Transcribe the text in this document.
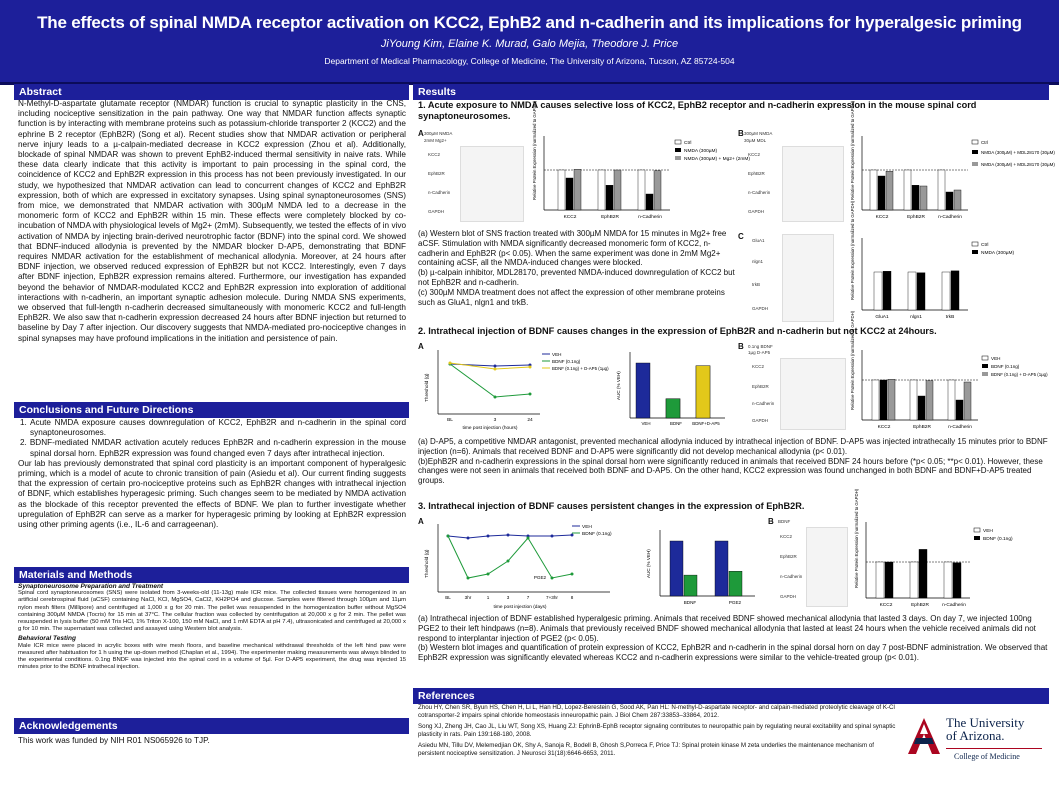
The effects of spinal NMDA receptor activation on KCC2, EphB2 and n-cadherin and its implications for hyperalgesic priming
JiYoung Kim, Elaine K. Murad, Galo Mejia, Theodore J. Price
Department of Medical Pharmacology, College of Medicine, The University of Arizona, Tucson, AZ 85724-504
Abstract
N-Methyl-D-aspartate glutamate receptor (NMDAR) function is crucial to synaptic plasticity in the CNS, including nociceptive sensitization in the pain pathway. One way that NMDAR function affects synaptic function is by interacting with membrane proteins such as potassium-chloride transporter 2 (KCC2) and the ephrine B 2 receptor (EphB2R) (Song et al). Recent studies show that NMDAR activation or peripheral nerve injury leads to a µ-calpain-mediated decrease in KCC2 expression (Zhou et al). Additionally, blockade of spinal NMDAR was shown to prevent EphB2-induced thermal sensitivity in naive rats. While these data clearly indicate that this activity is important to pain processing in the spinal cord, the coincidence of KCC2 and EphB2R expression in this process has not been previously investigated. In our study, we hypothesized that NMDAR activation can lead to concurrent changes of KCC2 and EphB2R expression, both of which are expressed in excitatory synapses. Using spinal synaptoneurosomes (SNS) from mice, we demonstrated that NMDAR activation with 300µM NMDA led to a decrease in the monomeric form of KCC2 and EphB2R within 15 min. These effects were completely blocked by co-incubation of NMDA with physiological levels of Mg2+ (2mM). Subsequently, we tested the effects of in vivo activation of NMDA by injecting brain-derived neurotrophic factor (BDNF) into the spinal cord. We showed that BDNF-induced allodynia is prevented by the NMDAR blocker D-AP5, demonstrating that BDNF requires NMDAR activation for the establishment of mechanical allodynia. Moreover, at 24 hours after BDNF injection, we observed reduced expression of EphB2R but not KCC2. Interestingly, even 7 days after BDNF injection, EphB2R expression remains altered. Furthermore, our investigation has expanded beyond the behavior of NMDAR-modulated KCC2 and EphB2R expression into exploration of additional interactions with n-cadherin, an important synaptic adhesion molecule. During NMDA SNS experiments, we observed that full-length n-cadherin decreased simultaneously with monomeric KCC2 and full-length EphB2R. We also saw that n-cadherin expression decreased 24 hours after BDNF injection but returned to baseline by Day 7 after injection. Our discovery suggests that NMDA-mediated pro-nociceptive changes in spinal synapses may have profound implications in the initiation and persistence of pain.
Conclusions and Future Directions
1. Acute NMDA exposure causes downregulation of KCC2, EphB2R and n-cadherin in the spinal cord synaptoneurosomes.
2. BDNF-mediated NMDAR activation acutely reduces EphB2R and n-cadherin expression in the mouse spinal dorsal horn. EphB2R expression was found changed even 7 days after intrathecal injection.
Our lab has previously demonstrated that spinal cord plasticity is an important component of hyperalgesic priming, which is a model of acute to chronic transition of pain (Asiedu et al). Our current finding suggests that the expression of certain pro-nociceptive proteins such as EphB2R changes with intrathecal injection of BDNF, which establishes hyperagesic priming. Such changes seem to be mediated by NMDA activation as the blockade of this receptor prevented the effects of BDNF. We plan to further investigate whether upregulation of EphB2R can serve as a marker for hyperagesic priming by looking at EphB2R expression using other priming agents (i.e., IL-6 and carrageenan).
Materials and Methods
Synaptoneurosome Preparation and Treatment
Spinal cord synaptoneurosomes (SNS) were isolated from 3-weeks-old (11-13g) male ICR mice. The collected tissues were homogenized in an artificial cerebrospinal fluid (aCSF) containing NaCl, KCl, MgSO4, CaCl2, KH2PO4 and glucose. Samples were filtered through 100µm and 11µm nylon mesh filters (Millipore) and centrifuged at 1,000 x g for 20 min. The pellet was resuspended in the homogenization buffer without MgSO4 containing 300µM NMDA (Tocris) for 15 min at 37°C. The cellular fraction was collected by centrifugation at 20,000 x g for 2 min. The pellet was resuspended in lysis buffer (50 mM Tris HCl, 1% Triton X-100, 150 mM NaCl, and 1 mM EDTA at pH 7.4), ultrasonicated and centrifuged at 20,000 x g for 10 min. The supernatant was collected and assayed using Western blot analysis.
Behavioral Testing
Male ICR mice were placed in acrylic boxes with wire mesh floors, and baseline mechanical withdrawal thresholds of the left hind paw were measured after habituation for 1 h using the up-down method (Chaplan et al., 1994). The experimenter making measurements was always blinded to the experimental conditions. 0.1ng BNDF was injected into the spinal cord in a volume of 5µl. For D-AP5 experiment, the drug was injected 15 minutes prior to the BDNF intrathecal injection.
Acknowledgements
This work was funded by NIH R01 NS065926 to TJP.
Results
1. Acute exposure to NMDA causes selective loss of KCC2, EphB2 receptor and n-cadherin expression in the mouse spinal cord synaptoneurosomes.
A	B
C
300µM NMDA
2mM Mg2+
KCC2
EphB2R
n-Cadherin
GAPDH
Relative Protein Expression (normalized to GAPDH)
KCC2	EphB2R	n-Cadherin
Ctrl
NMDA (300µM)
NMDA (300µM) + Mg2+ (2mM)
300µM NMDA
30µM MDL
KCC2
EphB2R
n-Cadherin
GAPDH
Relative Protein Expression (normalized to GAPDH)
KCC2	EphB2R	n-Cadherin
Ctrl
NMDA (300µM) + MDL28170 (30µM)
NMDA (300µM) + MDL28170 (30µM)
(a) Western blot of SNS fraction treated with 300µM NMDA for 15 minutes in Mg2+ free aCSF. Stimulation with NMDA significantly decreased monomeric form of KCC2, n-cadherin and EphB2R (p< 0.05). When the same experiment was done in 2mM Mg2+ containing aCSF, all the NMDA-induced changes were blocked.
(b) µ-calpain inhibitor, MDL28170, prevented NMDA-induced downregulation of KCC2 but not EphB2R and n-cadherin.
(c) 300µM NMDA treatment does not affect the expression of other membrane proteins such as GluA1, nlgn1 and trkB.
GluA1
nlgn1
trkB
GAPDH
Relative Protein Expression (normalized to GAPDH)
GluA1	nlgn1	trkB
Ctrl
NMDA (300µM)
2. Intrathecal injection of BDNF causes changes in the expression of EphB2R and n-cadherin but not KCC2 at 24hours.
A	B
Threshold (g)
BL	3	24
time post injection (hours)
VEH
BDNF (0.1ng)
BDNF (0.1ng) + D-AP5 (1µg)
AUC (% VEH)
VEH	BDNF BDNF+D-AP5
0.1ng BDNF
1µg D-AP5
KCC2
EphB2R
n-Cadherin
GAPDH
Relative Protein Expression (normalized to GAPDH)
KCC2	EphB2R	n-Cadherin
VEH
BDNF (0.1ng)
BDNF (0.1ng) + D-AP5 (1µg)
(a) D-AP5, a competitive NMDAR antagonist, prevented mechanical allodynia induced by intrathecal injection of BDNF. D-AP5 was injected intrathecally 15 minutes prior to BDNF injection (n=6). Animals that received BDNF and D-AP5 were significantly did not develop mechanical allodynia (p< 0.01).
(b)EphB2R and n-cadherin expressions in the spinal dorsal horn were significantly reduced in animals that received BDNF 24 hours before (*p< 0.05; **p< 0.01). However, these changes were not seen in animals that received both BDNF and D-AP5. On the other hand, KCC2 expression was found unchanged in both BDNF and BDNF+D-AP5 treated groups.
3. Intrathecal injection of BDNF causes persistent changes in the expression of EphB2R.
A	B
Threshold (g)
BL	3hr	1	3	7	7+3hr	8
PGE2
time post injection (days)
VEH
BDNF (0.1ng)
AUC (% VEH)
BDNF	PGE2
BDNF
KCC2
EphB2R
n-Cadherin
GAPDH
Relative Protein Expression (normalized to GAPDH)
KCC2	EphB2R	n-Cadherin
VEH
BDNF (0.1ng)
(a) Intrathecal injection of BDNF established hyperalgesic priming. Animals that received BDNF showed mechanical allodynia that lasted 3 days. On day 7, we injected 100ng PGE2 to their left hindpaws (n=8). Animals that previously received BNDF showed mechanical allodynia that lasted at least 24 hours when the vehicle received animals did not respond to interplantar injection of PGE2 (p< 0.05).
(b) Western blot images and quantification of protein expression of KCC2, EphB2R and n-cadherin in the spinal dorsal horn on day 7 post-BDNF administration. We observed that EphB2R expression was significantly elevated whereas KCC2 and n-cadherin expressions were similar to the vehicle-treated group (p< 0.01).
References
Zhou HY, Chen SR, Byun HS, Chen H, Li L, Han HD, Lopez-Berestein G, Sood AK, Pan HL: N-methyl-D-aspartate receptor- and calpain-mediated proteolytic cleavage of K-Cl cotransporter-2 impairs spinal chloride homeostasis inneuropathic pain. J Biol Chem 287:33853–33864, 2012.
Song XJ, Zheng JH, Cao JL, Liu WT, Song XS, Huang ZJ: EphrinB-EphB receptor signaling contributes to neuropathic pain by regulating neural excitability and spinal synaptic plasticity in rats. Pain 139:168-180, 2008.
Asiedu MN, Tillu DV, Melemedjian OK, Shy A, Sanoja R, Bodell B, Ghosh S,Porreca F, Price TJ: Spinal protein kinase M zeta underlies the maintenance mechanism of persistent nociceptive sensitization. J Neurosci 31(18):6646-6653, 2011.
The University
of Arizona.
College of Medicine
